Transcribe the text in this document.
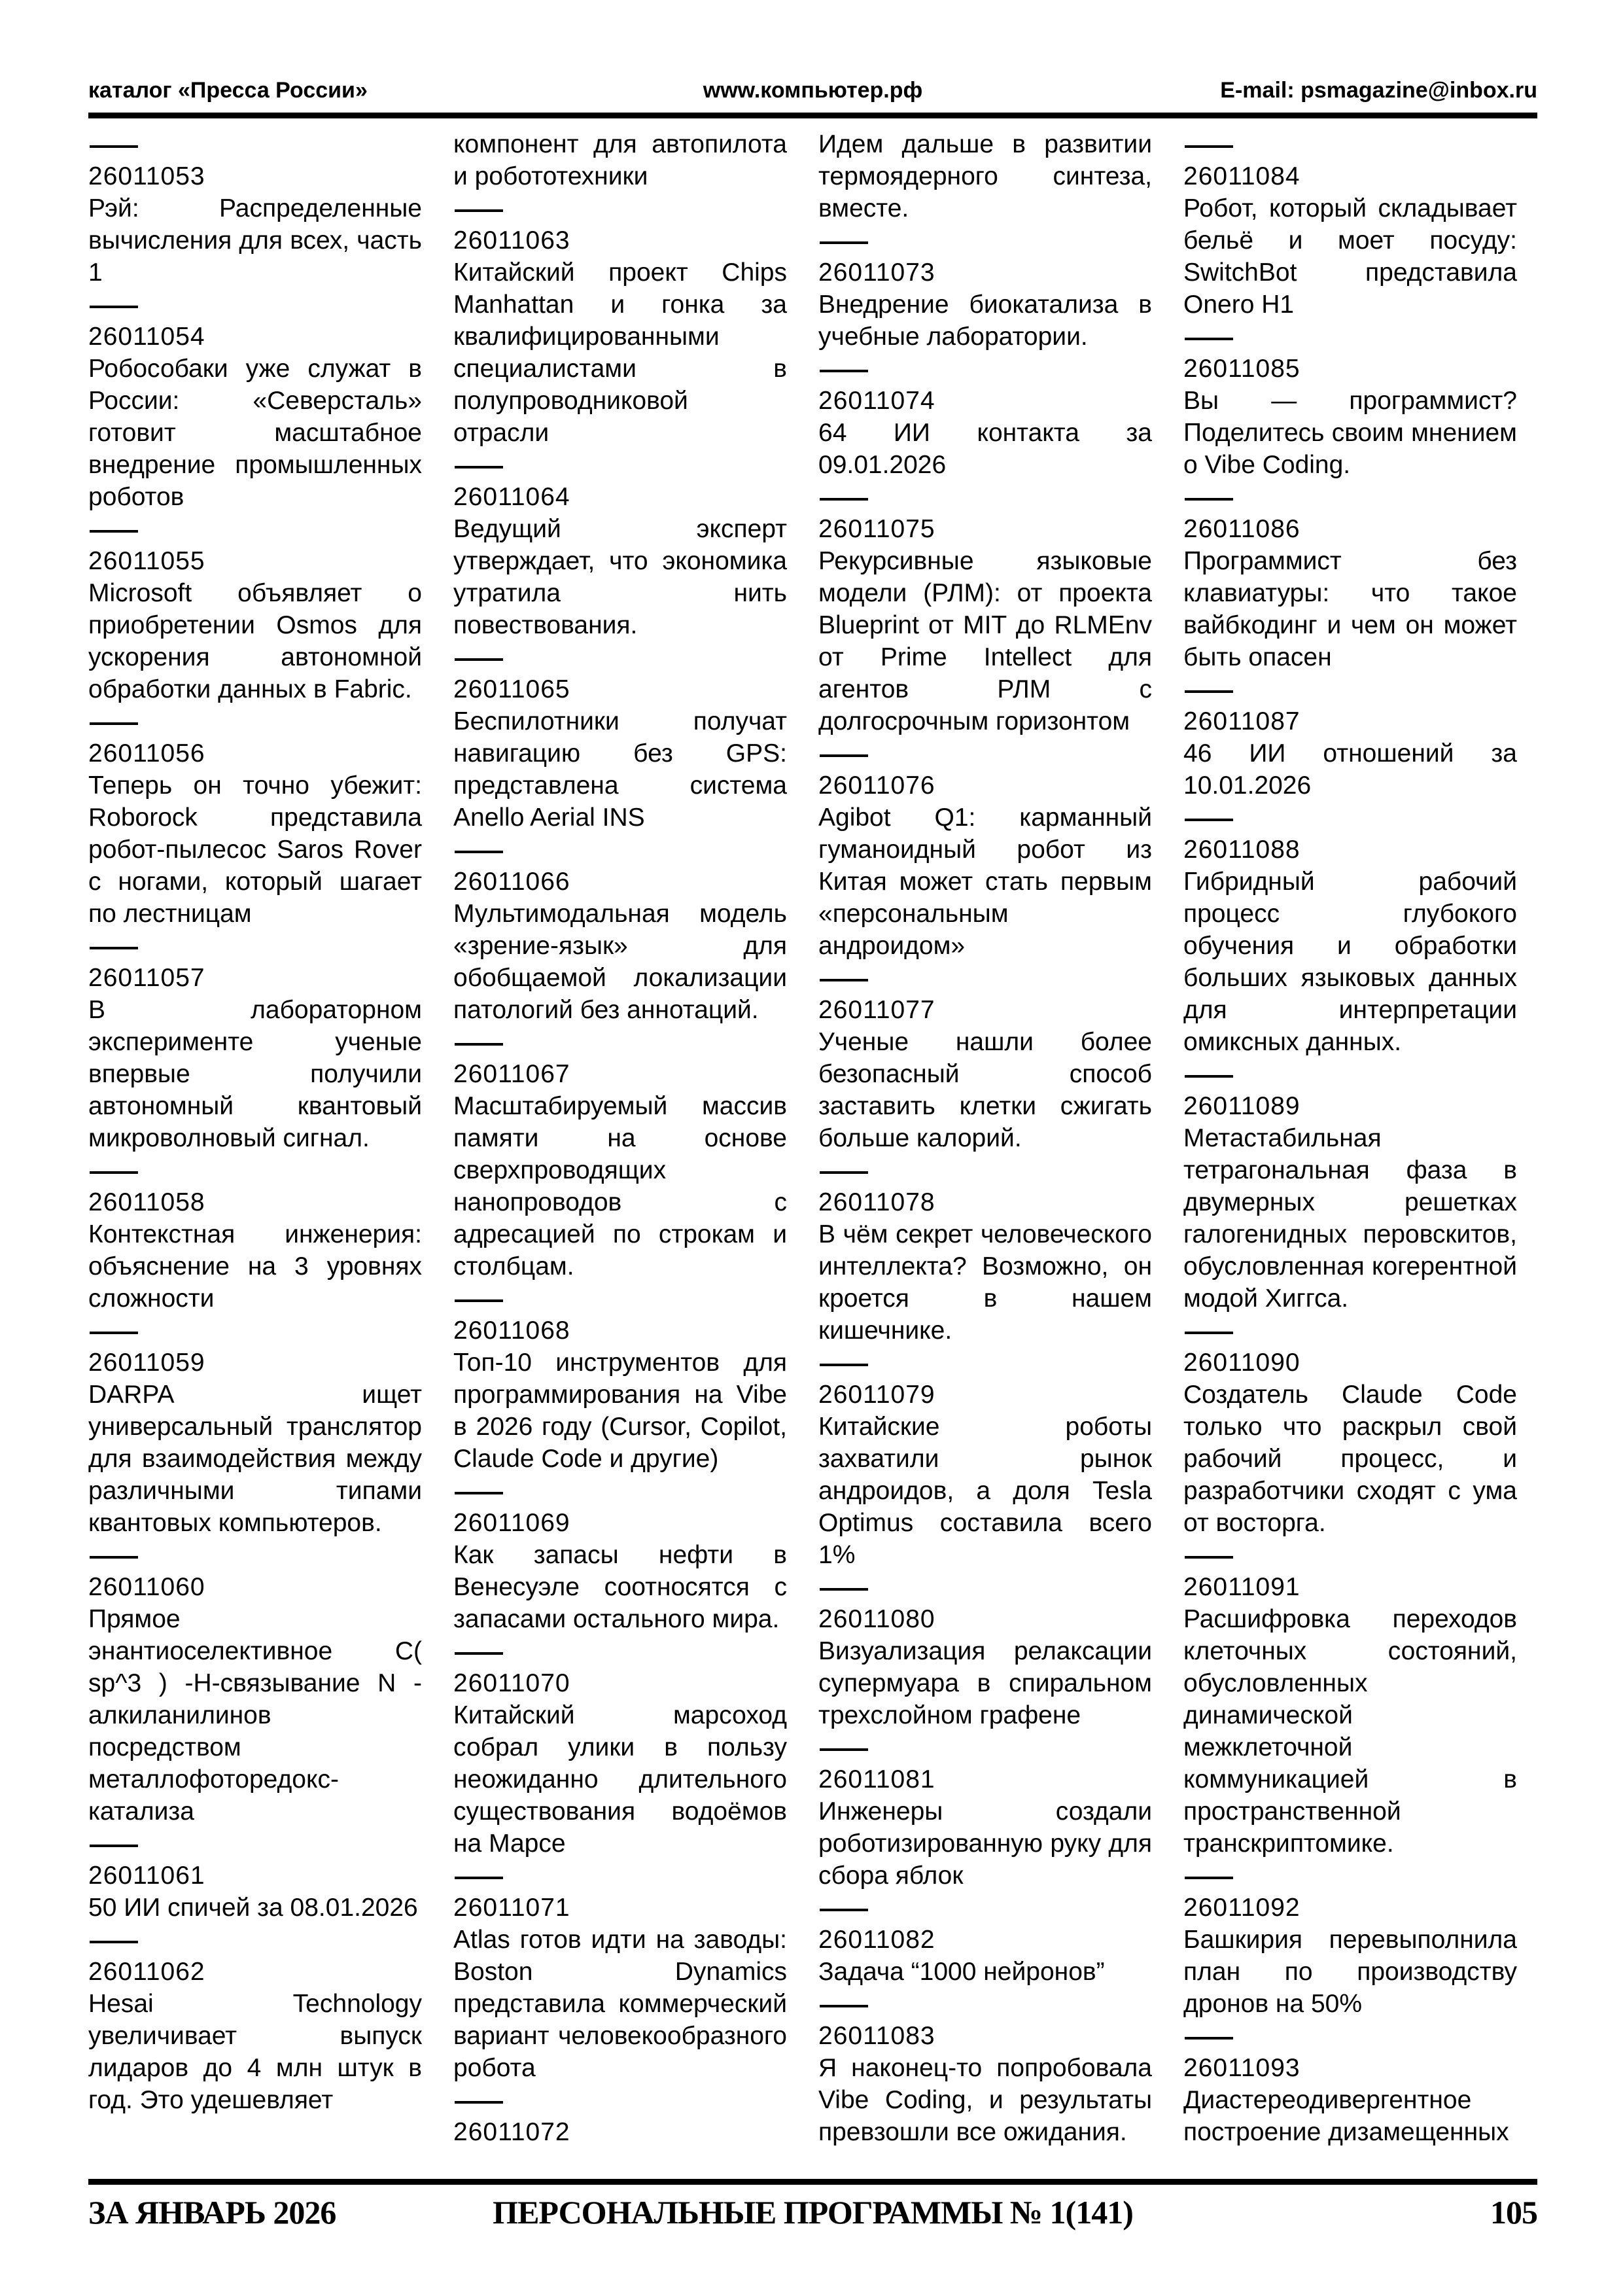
каталог «Пресса России»	www.компьютер.рф	E-mail: psmagazine@inbox.ru
26011053
Рэй: Распределенные вычисления для всех, часть 1
26011054
Робособаки уже служат в России: «Северсталь» готовит масштабное внедрение промышленных роботов
26011055
Microsoft объявляет о приобретении Osmos для ускорения автономной обработки данных в Fabric.
26011056
Теперь он точно убежит: Roborock представила робот-пылесос Saros Rover с ногами, который шагает по лестницам
26011057
В лабораторном эксперименте ученые впервые получили автономный квантовый микроволновый сигнал.
26011058
Контекстная инженерия: объяснение на 3 уровнях сложности
26011059
DARPA ищет универсальный транслятор для взаимодействия между различными типами квантовых компьютеров.
26011060
Прямое энантиоселективное C( sp^3 ) -H-связывание N - алкиланилинов посредством металлофоторедокс-катализа
26011061
50 ИИ спичей за 08.01.2026
26011062
Hesai Technology увеличивает выпуск лидаров до 4 млн штук в год. Это удешевляет
компонент для автопилота и робототехники
26011063
Китайский проект Chips Manhattan и гонка за квалифицированными специалистами в полупроводниковой отрасли
26011064
Ведущий эксперт утверждает, что экономика утратила нить повествования.
26011065
Беспилотники получат навигацию без GPS: представлена система Anello Aerial INS
26011066
Мультимодальная модель «зрение-язык» для обобщаемой локализации патологий без аннотаций.
26011067
Масштабируемый массив памяти на основе сверхпроводящих нанопроводов с адресацией по строкам и столбцам.
26011068
Топ-10 инструментов для программирования на Vibe в 2026 году (Cursor, Copilot, Claude Code и другие)
26011069
Как запасы нефти в Венесуэле соотносятся с запасами остального мира.
26011070
Китайский марсоход собрал улики в пользу неожиданно длительного существования водоёмов на Марсе
26011071
Atlas готов идти на заводы: Boston Dynamics представила коммерческий вариант человекообразного робота
26011072
Идем дальше в развитии термоядерного синтеза, вместе.
26011073
Внедрение биокатализа в учебные лаборатории.
26011074
64 ИИ контакта за 09.01.2026
26011075
Рекурсивные языковые модели (РЛМ): от проекта Blueprint от MIT до RLMEnv от Prime Intellect для агентов РЛМ с долгосрочным горизонтом
26011076
Agibot Q1: карманный гуманоидный робот из Китая может стать первым «персональным андроидом»
26011077
Ученые нашли более безопасный способ заставить клетки сжигать больше калорий.
26011078
В чём секрет человеческого интеллекта? Возможно, он кроется в нашем кишечнике.
26011079
Китайские роботы захватили рынок андроидов, а доля Tesla Optimus составила всего 1%
26011080
Визуализация релаксации супермуара в спиральном трехслойном графене
26011081
Инженеры создали роботизированную руку для сбора яблок
26011082
Задача “1000 нейронов”
26011083
Я наконец-то попробовала Vibe Coding, и результаты превзошли все ожидания.
26011084
Робот, который складывает бельё и моет посуду: SwitchBot представила Onero H1
26011085
Вы — программист? Поделитесь своим мнением о Vibe Coding.
26011086
Программист без клавиатуры: что такое вайбкодинг и чем он может быть опасен
26011087
46 ИИ отношений за 10.01.2026
26011088
Гибридный рабочий процесс глубокого обучения и обработки больших языковых данных для интерпретации омиксных данных.
26011089
Метастабильная тетрагональная фаза в двумерных решетках галогенидных перовскитов, обусловленная когерентной модой Хиггса.
26011090
Создатель Claude Code только что раскрыл свой рабочий процесс, и разработчики сходят с ума от восторга.
26011091
Расшифровка переходов клеточных состояний, обусловленных динамической межклеточной коммуникацией в пространственной транскриптомике.
26011092
Башкирия перевыполнила план по производству дронов на 50%
26011093
Диастереодивергентное построение дизамещенных
ЗА ЯНВАРЬ 2026	ПЕРСОНАЛЬНЫЕ ПРОГРАММЫ № 1(141)	105
